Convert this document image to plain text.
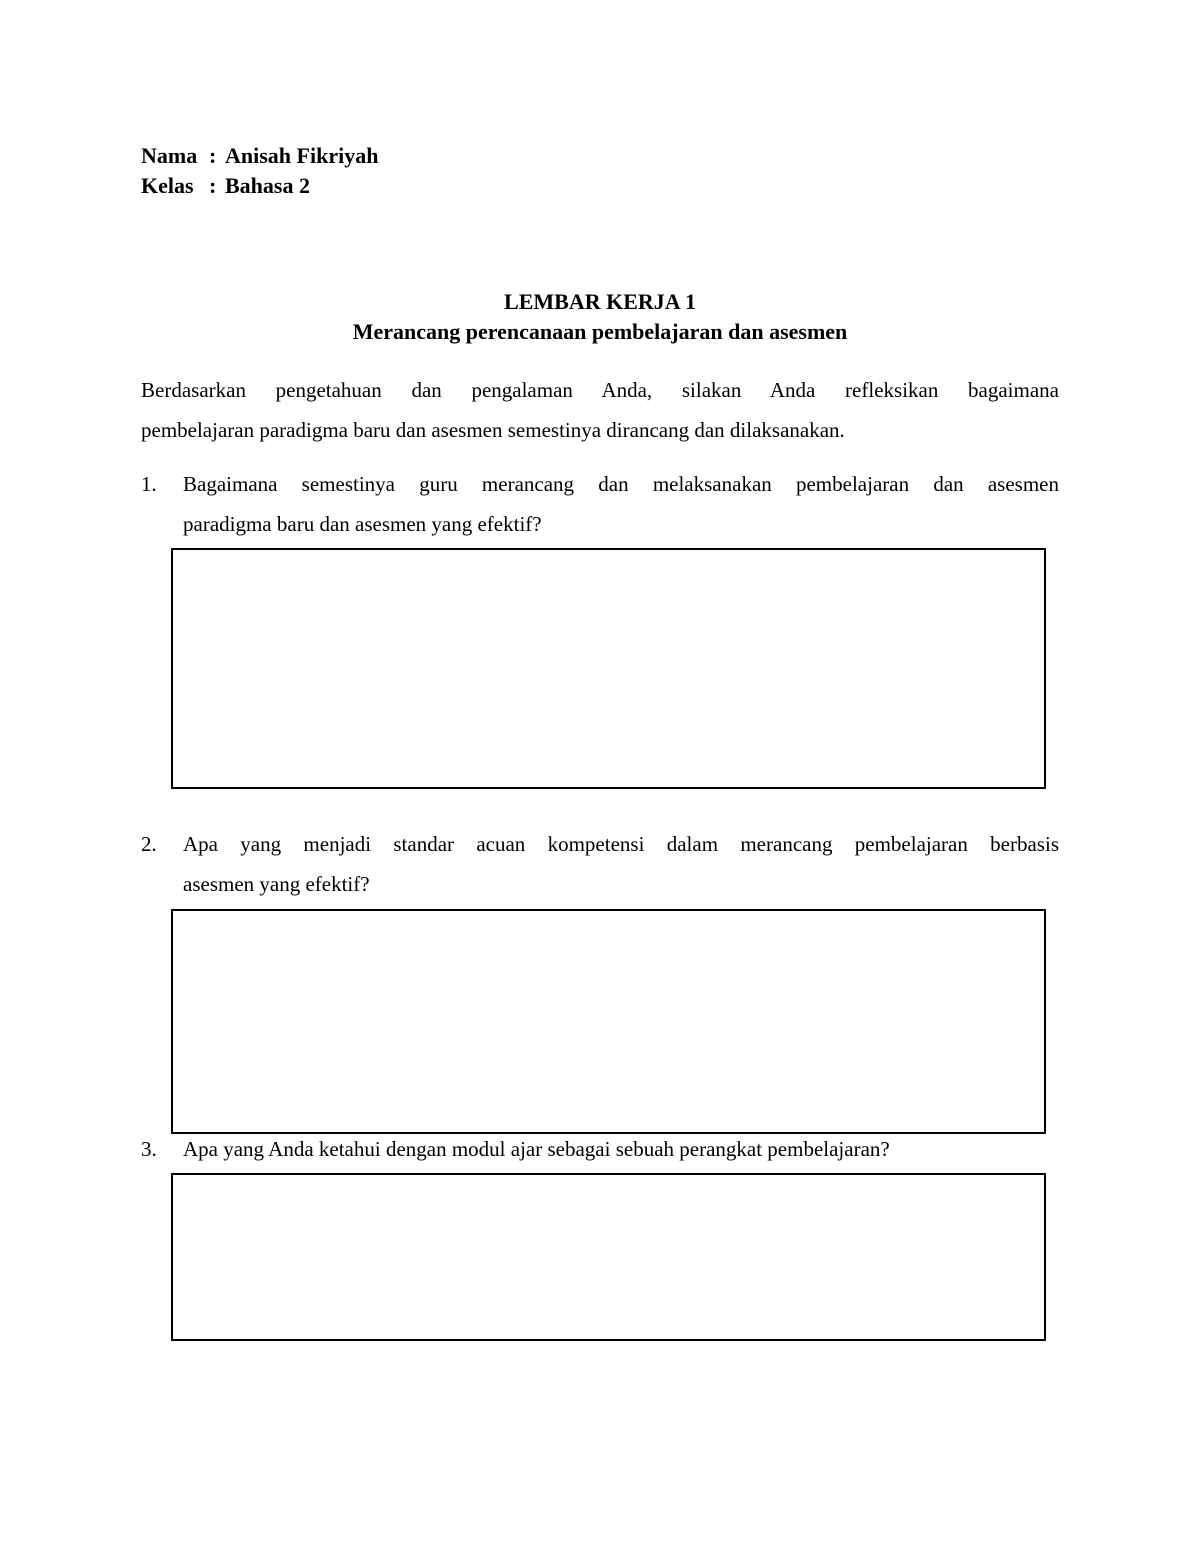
Nama : Anisah Fikriyah
Kelas : Bahasa 2
LEMBAR KERJA 1
Merancang perencanaan pembelajaran dan asesmen
Berdasarkan pengetahuan dan pengalaman Anda, silakan Anda refleksikan bagaimana
pembelajaran paradigma baru dan asesmen semestinya dirancang dan dilaksanakan.
1. Bagaimana semestinya guru merancang dan melaksanakan pembelajaran dan asesmen
paradigma baru dan asesmen yang efektif?
2. Apa yang menjadi standar acuan kompetensi dalam merancang pembelajaran berbasis
asesmen yang efektif?
3. Apa yang Anda ketahui dengan modul ajar sebagai sebuah perangkat pembelajaran?
